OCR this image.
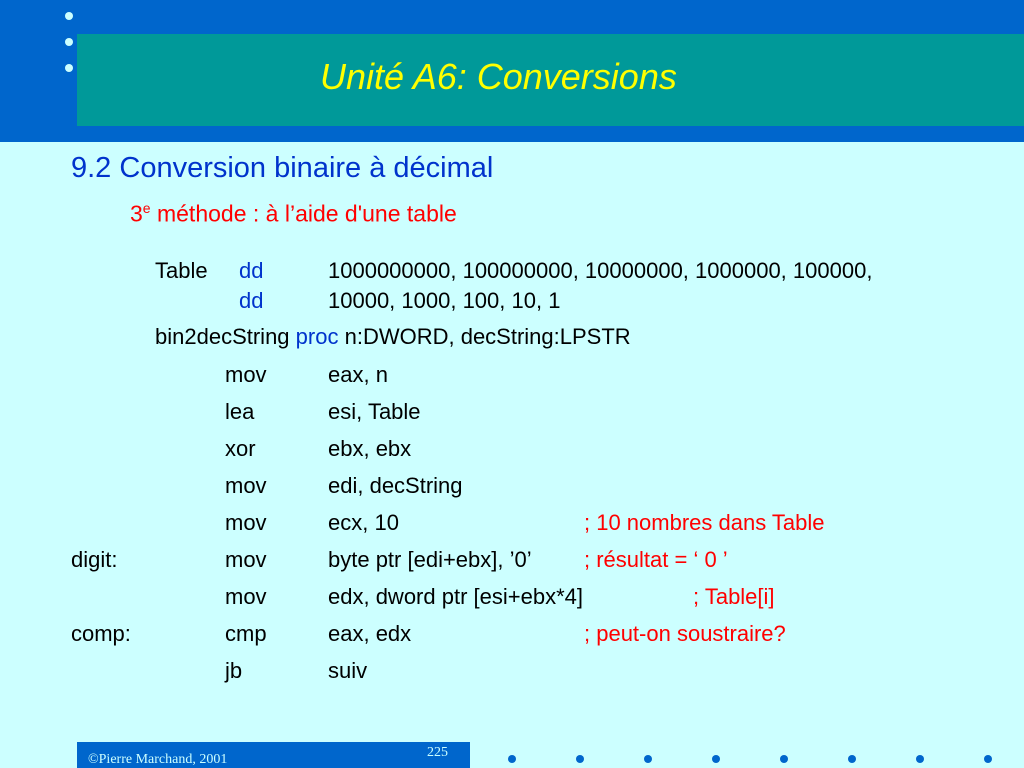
Unité A6: Conversions
9.2 Conversion binaire à décimal
3e méthode : à l’aide d'une table
Table dd	1000000000, 100000000, 10000000, 1000000, 100000,
dd	10000, 1000, 100, 10, 1
bin2decString proc n:DWORD, decString:LPSTR
mov	eax, n
lea	esi, Table
xor	ebx, ebx
mov	edi, decString
mov	ecx, 10	; 10 nombres dans Table
digit:	mov	byte ptr [edi+ebx], ’0’ ; résultat = ‘ 0 ’
mov	edx, dword ptr [esi+ebx*4]	; Table[i]
comp:	cmp	eax, edx	; peut-on soustraire?
jb	suiv
©Pierre Marchand, 2001	225
